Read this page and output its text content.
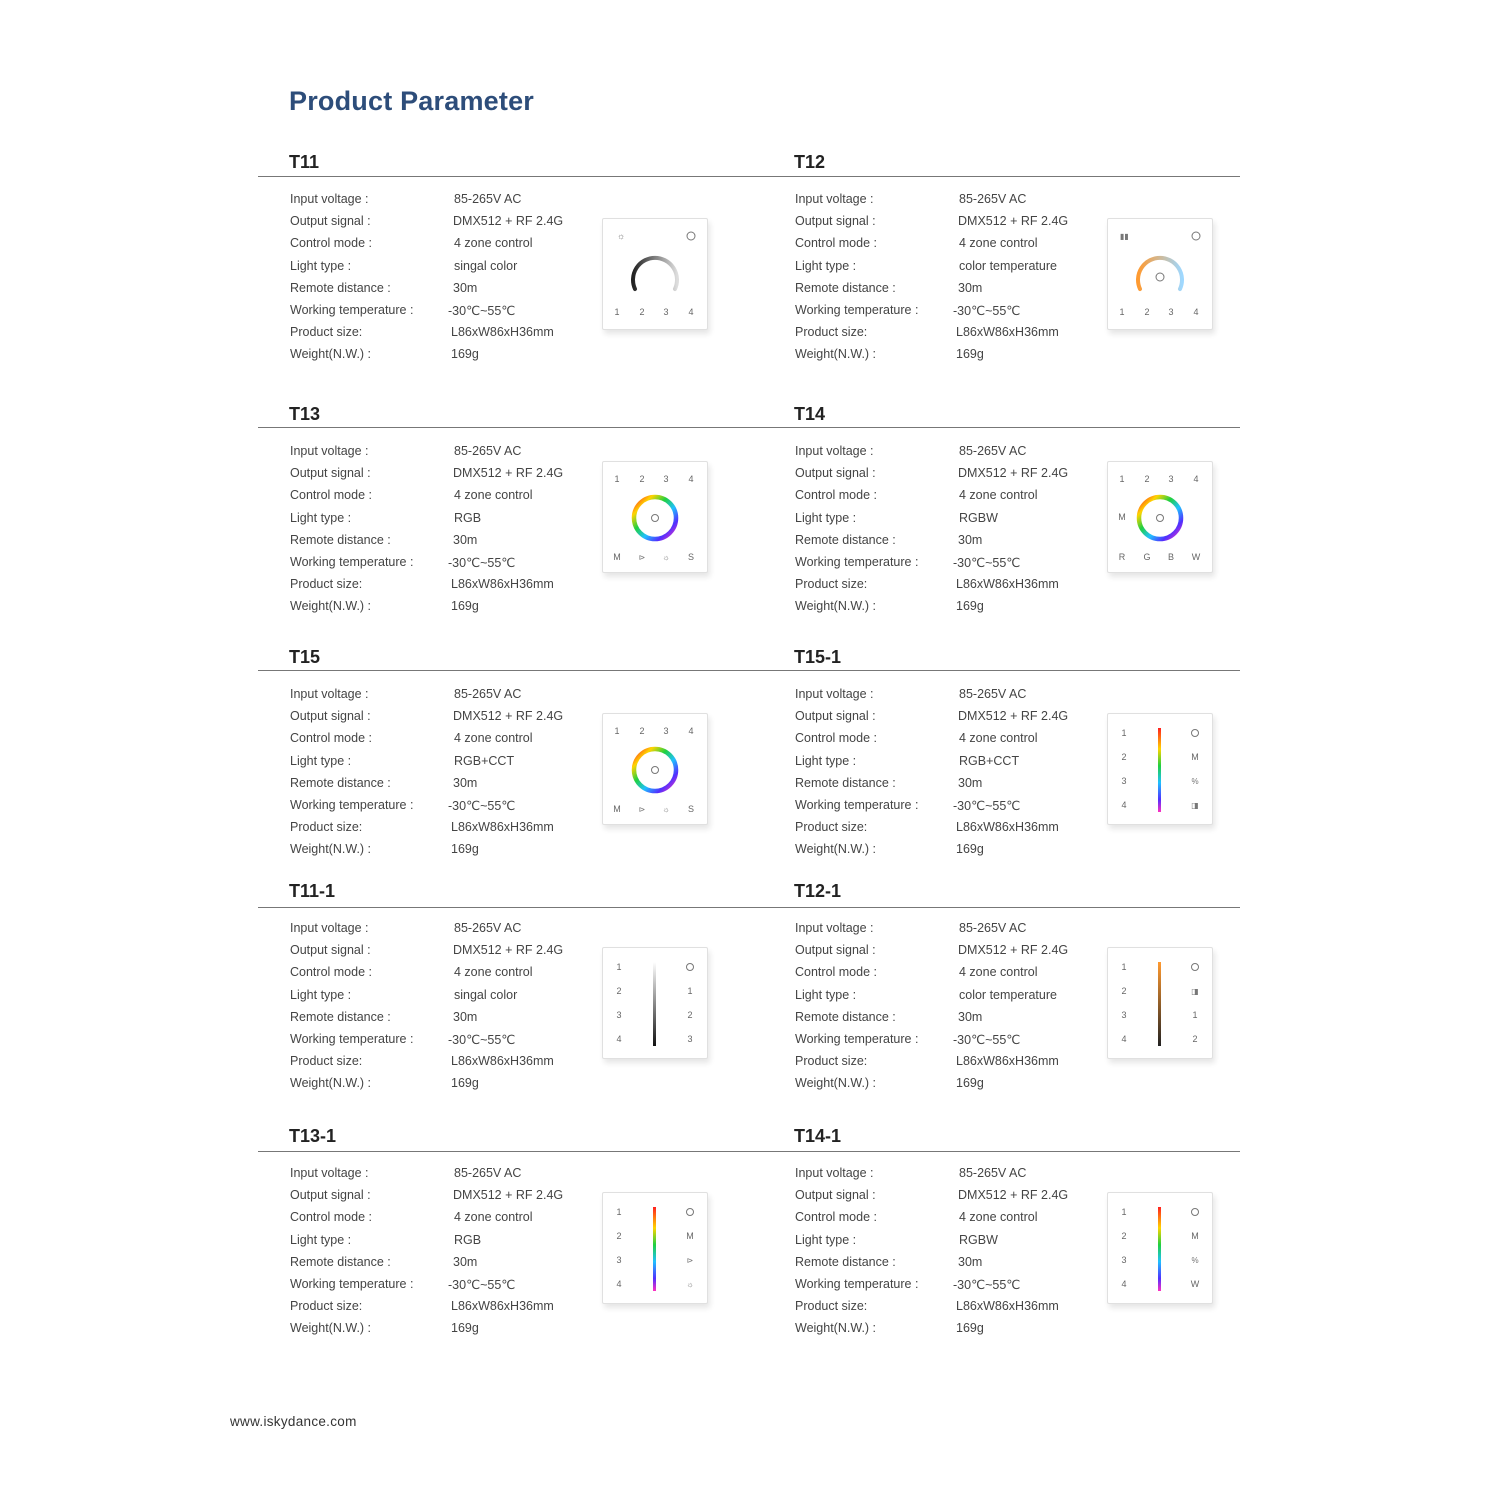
Product Parameter
T11
Input voltage :	85-265V AC
Output signal :	DMX512 + RF 2.4G
Control mode :	4 zone control
Light type :	singal color
Remote distance :	30m
Working temperature :	-30℃~55℃
Product size:	L86xW86xH36mm
Weight(N.W.) :	169g
☼
1 2 3 4
T12
Input voltage :	85-265V AC
Output signal :	DMX512 + RF 2.4G
Control mode :	4 zone control
Light type :	color temperature
Remote distance :	30m
Working temperature :	-30℃~55℃
Product size:	L86xW86xH36mm
Weight(N.W.) :	169g
▮▮
1 2 3 4
T13
Input voltage :	85-265V AC
Output signal :	DMX512 + RF 2.4G
Control mode :	4 zone control
Light type :	RGB
Remote distance :	30m
Working temperature :	-30℃~55℃
Product size:	L86xW86xH36mm
Weight(N.W.) :	169g
1 2 3 4
M	S
⊳ ☼
T14
Input voltage :	85-265V AC
Output signal :	DMX512 + RF 2.4G
Control mode :	4 zone control
Light type :	RGBW
Remote distance :	30m
Working temperature :	-30℃~55℃
Product size:	L86xW86xH36mm
Weight(N.W.) :	169g
1 2 3 4
M
R G B W
T15
Input voltage :	85-265V AC
Output signal :	DMX512 + RF 2.4G
Control mode :	4 zone control
Light type :	RGB+CCT
Remote distance :	30m
Working temperature :	-30℃~55℃
Product size:	L86xW86xH36mm
Weight(N.W.) :	169g
1 2 3 4
M	S
⊳ ☼
T15-1
Input voltage :	85-265V AC
Output signal :	DMX512 + RF 2.4G
Control mode :	4 zone control
Light type :	RGB+CCT
Remote distance :	30m
Working temperature :	-30℃~55℃
Product size:	L86xW86xH36mm
Weight(N.W.) :	169g
1
2
3
4
M
%
◨
T11-1
Input voltage :	85-265V AC
Output signal :	DMX512 + RF 2.4G
Control mode :	4 zone control
Light type :	singal color
Remote distance :	30m
Working temperature :	-30℃~55℃
Product size:	L86xW86xH36mm
Weight(N.W.) :	169g
1
2
3
4
1
2
3
T12-1
Input voltage :	85-265V AC
Output signal :	DMX512 + RF 2.4G
Control mode :	4 zone control
Light type :	color temperature
Remote distance :	30m
Working temperature :	-30℃~55℃
Product size:	L86xW86xH36mm
Weight(N.W.) :	169g
1
2
3
4
◨
1
2
T13-1
Input voltage :	85-265V AC
Output signal :	DMX512 + RF 2.4G
Control mode :	4 zone control
Light type :	RGB
Remote distance :	30m
Working temperature :	-30℃~55℃
Product size:	L86xW86xH36mm
Weight(N.W.) :	169g
1
2
3
4
M
⊳
☼
T14-1
Input voltage :	85-265V AC
Output signal :	DMX512 + RF 2.4G
Control mode :	4 zone control
Light type :	RGBW
Remote distance :	30m
Working temperature :	-30℃~55℃
Product size:	L86xW86xH36mm
Weight(N.W.) :	169g
1
2
3
4
M
%
W
www.iskydance.com
